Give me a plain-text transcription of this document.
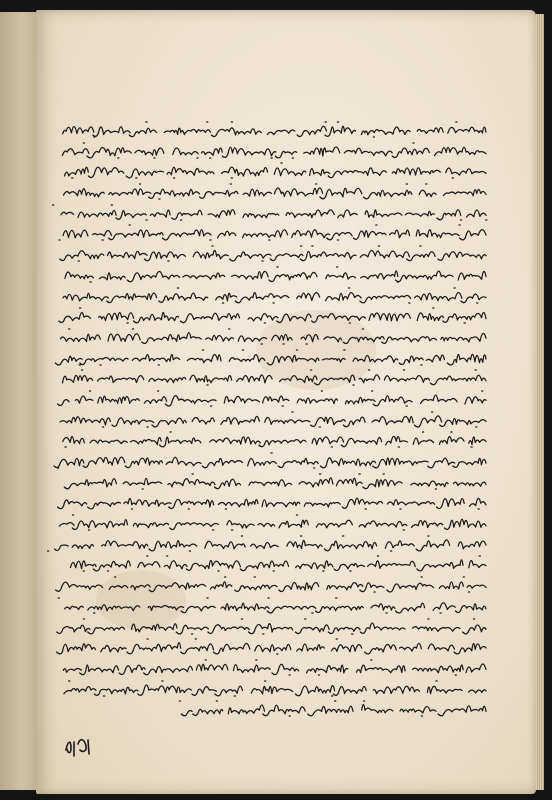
قرا
